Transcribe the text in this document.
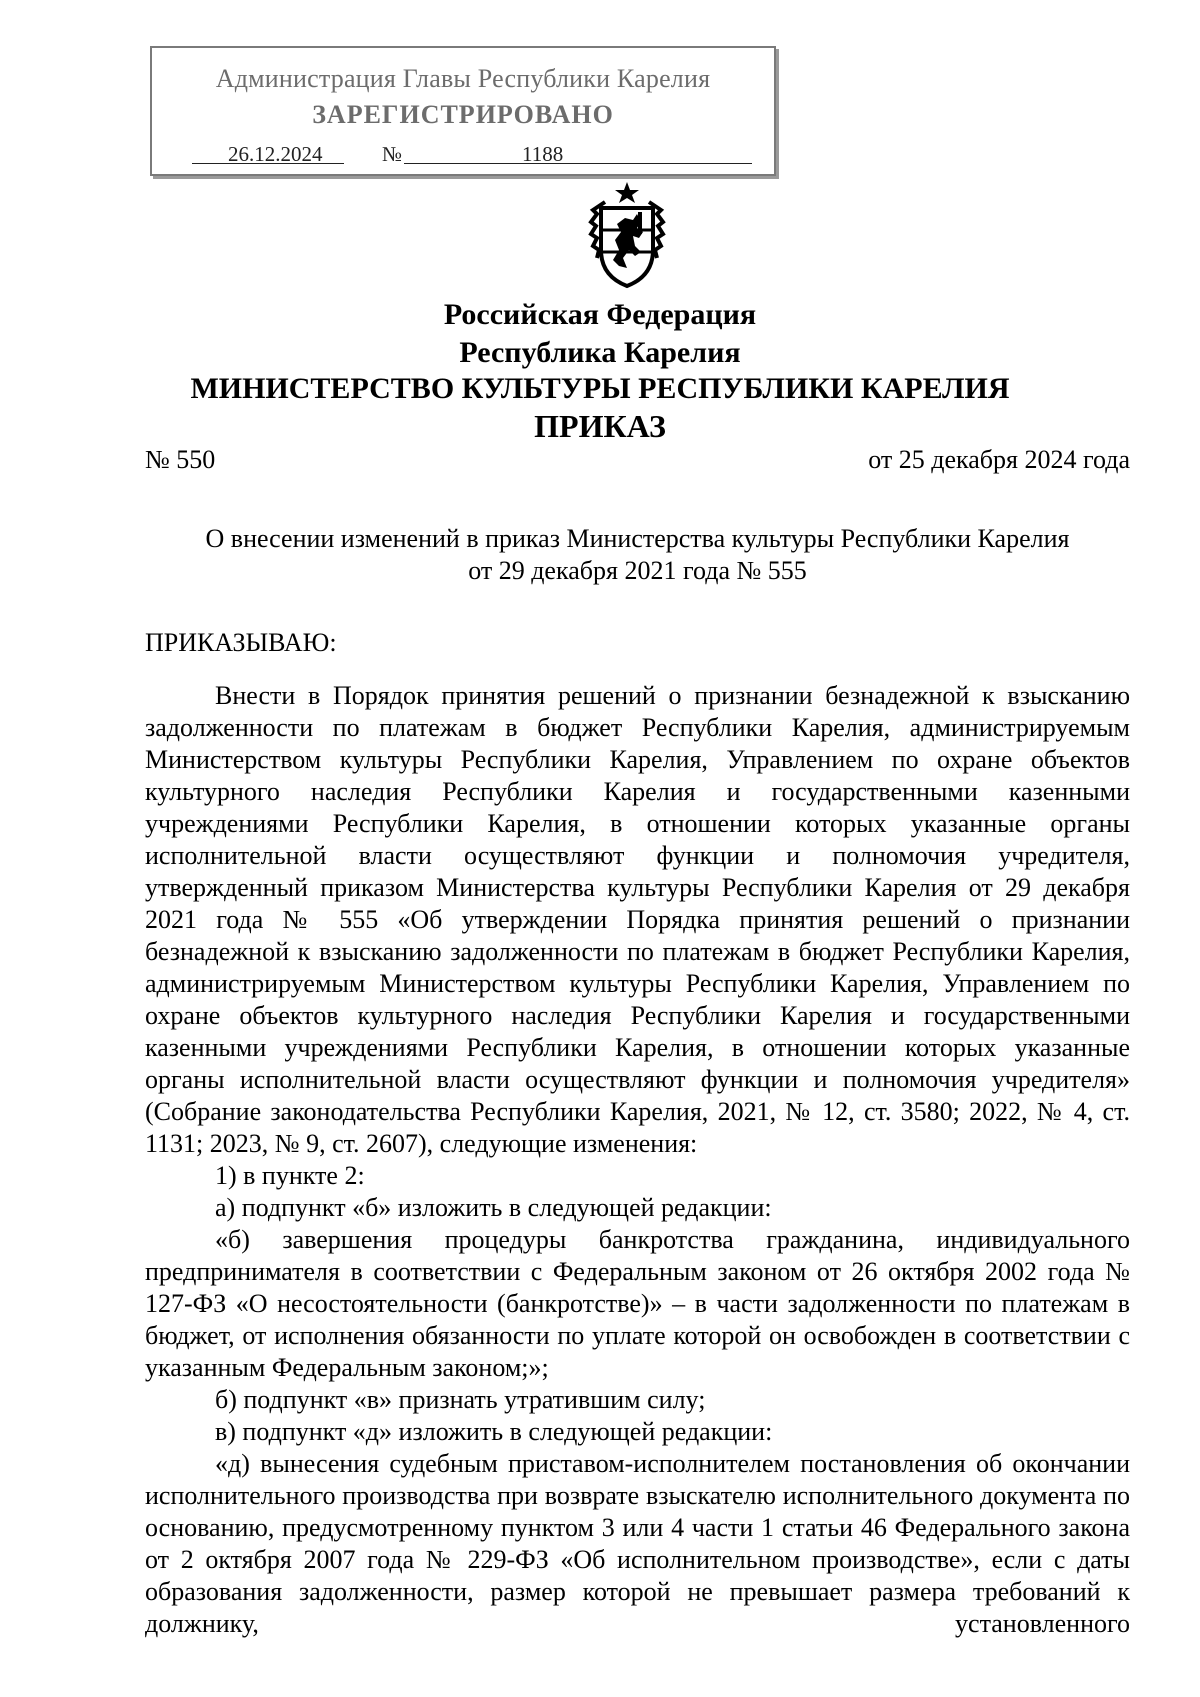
Администрация Главы Республики Карелия
ЗАРЕГИСТРИРОВАНО
26.12.2024	№	1188
Российская Федерация
Республика Карелия
МИНИСТЕРСТВО КУЛЬТУРЫ РЕСПУБЛИКИ КАРЕЛИЯ
ПРИКАЗ
№ 550	от 25 декабря 2024 года
О внесении изменений в приказ Министерства культуры Республики Карелия
от 29 декабря 2021 года № 555
ПРИКАЗЫВАЮ:

Внести в Порядок принятия решений о признании безнадежной к взысканию задолженности по платежам в бюджет Республики Карелия, администрируемым Министерством культуры Республики Карелия, Управлением по охране объектов культурного наследия Республики Карелия и государственными казенными учреждениями Республики Карелия, в отношении которых указанные органы исполнительной власти осуществляют функции и полномочия учредителя, утвержденный приказом Министерства культуры Республики Карелия от 29 декабря 2021 года № 555 «Об утверждении Порядка принятия решений о признании безнадежной к взысканию задолженности по платежам в бюджет Республики Карелия, администрируемым Министерством культуры Республики Карелия, Управлением по охране объектов культурного наследия Республики Карелия и государственными казенными учреждениями Республики Карелия, в отношении которых указанные органы исполнительной власти осуществляют функции и полномочия учредителя» (Собрание законодательства Республики Карелия, 2021, № 12, ст. 3580; 2022, № 4, ст. 1131; 2023, № 9, ст. 2607), следующие изменения:

1) в пункте 2:

а) подпункт «б» изложить в следующей редакции:

«б) завершения процедуры банкротства гражданина, индивидуального предпринимателя в соответствии с Федеральным законом от 26 октября 2002 года № 127-ФЗ «О несостоятельности (банкротстве)» – в части задолженности по платежам в бюджет, от исполнения обязанности по уплате которой он освобожден в соответствии с указанным Федеральным законом;»;

б) подпункт «в» признать утратившим силу;

в) подпункт «д» изложить в следующей редакции:

«д) вынесения судебным приставом-исполнителем постановления об окончании исполнительного производства при возврате взыскателю исполнительного документа по основанию, предусмотренному пунктом 3 или 4 части 1 статьи 46 Федерального закона от 2 октября 2007 года № 229-ФЗ «Об исполнительном производстве», если с даты образования задолженности, размер которой не превышает размера требований к должнику, установленного
